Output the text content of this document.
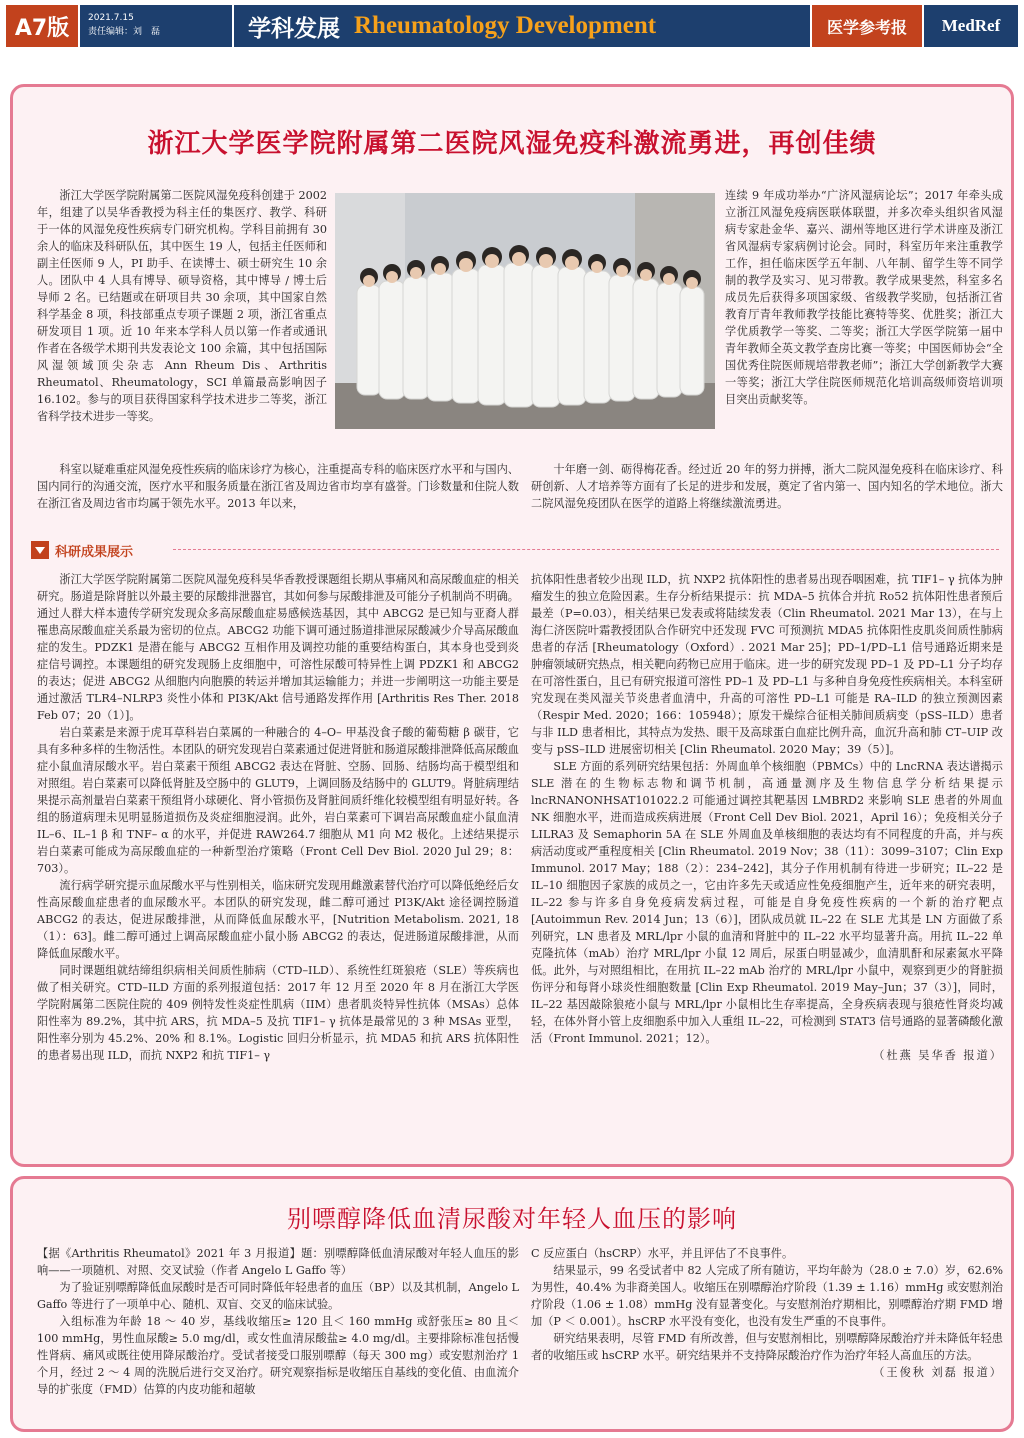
A7版	2021.7.15
责任编辑：刘　磊	学科发展 Rheumatology Development	医学参考报	MedRef
浙江大学医学院附属第二医院风湿免疫科激流勇进，再创佳绩

浙江大学医学院附属第二医院风湿免疫科创建于 2002 年，组建了以吴华香教授为科主任的集医疗、教学、科研于一体的风湿免疫性疾病专门研究机构。学科目前拥有 30 余人的临床及科研队伍，其中医生 19 人，包括主任医师和副主任医师 9 人，PI 助手、在读博士、硕士研究生 10 余人。团队中 4 人具有博导、硕导资格，其中博导 / 博士后导师 2 名。已结题或在研项目共 30 余项，其中国家自然科学基金 8 项，科技部重点专项子课题 2 项，浙江省重点研发项目 1 项。近 10 年来本学科人员以第一作者或通讯作者在各级学术期刊共发表论文 100 余篇，其中包括国际风湿领域顶尖杂志 Ann Rheum Dis、Arthritis Rheumatol、Rheumatology，SCI 单篇最高影响因子 16.102。参与的项目获得国家科学技术进步二等奖，浙江省科学技术进步一等奖。

科室以疑难重症风湿免疫性疾病的临床诊疗为核心，注重提高专科的临床医疗水平和与国内、国内同行的沟通交流，医疗水平和服务质量在浙江省及周边省市均享有盛誉。门诊数量和住院人数在浙江省及周边省市均属于领先水平。2013 年以来，

连续 9 年成功举办“广济风湿病论坛”；2017 年牵头成立浙江风湿免疫病医联体联盟，并多次牵头组织省风湿病专家赴金华、嘉兴、湖州等地区进行学术讲座及浙江省风湿病专家病例讨论会。同时，科室历年来注重教学工作，担任临床医学五年制、八年制、留学生等不同学制的教学及实习、见习带教。教学成果斐然，科室多名成员先后获得多项国家级、省级教学奖励，包括浙江省教育厅青年教师教学技能比赛特等奖、优胜奖；浙江大学优质教学一等奖、二等奖；浙江大学医学院第一届中青年教师全英文教学查房比赛一等奖；中国医师协会“全国优秀住院医师规培带教老师”；浙江大学创新教学大赛一等奖；浙江大学住院医师规范化培训高级师资培训项目突出贡献奖等。

十年磨一剑、砺得梅花香。经过近 20 年的努力拼搏，浙大二院风湿免疫科在临床诊疗、科研创新、人才培养等方面有了长足的进步和发展，奠定了省内第一、国内知名的学术地位。浙大二院风湿免疫团队在医学的道路上将继续激流勇进。

科研成果展示

浙江大学医学院附属第二医院风湿免疫科吴华香教授课题组长期从事痛风和高尿酸血症的相关研究。肠道是除肾脏以外最主要的尿酸排泄器官，其如何参与尿酸排泄及可能分子机制尚不明确。通过人群大样本遗传学研究发现众多高尿酸血症易感候选基因，其中 ABCG2 是已知与亚裔人群罹患高尿酸血症关系最为密切的位点。ABCG2 功能下调可通过肠道排泄尿尿酸减少介导高尿酸血症的发生。PDZK1 是潜在能与 ABCG2 互相作用及调控功能的重要结构蛋白，其本身也受到炎症信号调控。本课题组的研究发现肠上皮细胞中，可溶性尿酸可特异性上调 PDZK1 和 ABCG2 的表达；促进 ABCG2 从细胞内向胞膜的转运并增加其运输能力；并进一步阐明这一功能主要是通过激活 TLR4–NLRP3 炎性小体和 PI3K/Akt 信号通路发挥作用 [Arthritis Res Ther. 2018 Feb 07；20（1）]。

岩白菜素是来源于虎耳草科岩白菜属的一种融合的 4–O– 甲基没食子酸的葡萄糖 β 碳苷，它具有多种多样的生物活性。本团队的研究发现岩白菜素通过促进肾脏和肠道尿酸排泄降低高尿酸血症小鼠血清尿酸水平。岩白菜素干预组 ABCG2 表达在肾脏、空肠、回肠、结肠均高于模型组和对照组。岩白菜素可以降低肾脏及空肠中的 GLUT9，上调回肠及结肠中的 GLUT9。肾脏病理结果提示高剂量岩白菜素干预组肾小球硬化、肾小管损伤及肾脏间质纤维化较模型组有明显好转。各组的肠道病理未见明显肠道损伤及炎症细胞浸润。此外，岩白菜素可下调岩高尿酸血症小鼠血清 IL–6、IL–1 β 和 TNF– α 的水平，并促进 RAW264.7 细胞从 M1 向 M2 极化。上述结果提示岩白菜素可能成为高尿酸血症的一种新型治疗策略（Front Cell Dev Biol. 2020 Jul 29；8：703）。

流行病学研究提示血尿酸水平与性别相关，临床研究发现用雌激素替代治疗可以降低绝经后女性高尿酸血症患者的血尿酸水平。本团队的研究发现，雌二醇可通过 PI3K/Akt 途径调控肠道 ABCG2 的表达，促进尿酸排泄，从而降低血尿酸水平，[Nutrition Metabolism. 2021, 18（1）：63]。雌二醇可通过上调高尿酸血症小鼠小肠 ABCG2 的表达，促进肠道尿酸排泄，从而降低血尿酸水平。

同时课题组就结缔组织病相关间质性肺病（CTD–ILD）、系统性红斑狼疮（SLE）等疾病也做了相关研究。CTD–ILD 方面的系列报道包括：2017 年 12 月至 2020 年 8 月在浙江大学医学院附属第二医院住院的 409 例特发性炎症性肌病（IIM）患者肌炎特异性抗体（MSAs）总体阳性率为 89.2%，其中抗 ARS，抗 MDA–5 及抗 TIF1– γ 抗体是最常见的 3 种 MSAs 亚型，阳性率分别为 45.2%、20% 和 8.1%。Logistic 回归分析显示，抗 MDA5 和抗 ARS 抗体阳性的患者易出现 ILD，而抗 NXP2 和抗 TIF1– γ

抗体阳性患者较少出现 ILD，抗 NXP2 抗体阳性的患者易出现吞咽困难，抗 TIF1– γ 抗体为肿瘤发生的独立危险因素。生存分析结果提示：抗 MDA–5 抗体合并抗 Ro52 抗体阳性患者预后最差（P=0.03），相关结果已发表或将陆续发表（Clin Rheumatol. 2021 Mar 13），在与上海仁济医院叶霜教授团队合作研究中还发现 FVC 可预测抗 MDA5 抗体阳性皮肌炎间质性肺病患者的存活 [Rheumatology（Oxford）. 2021 Mar 25]；PD–1/PD–L1 信号通路近期来是肿瘤领域研究热点，相关靶向药物已应用于临床。进一步的研究发现 PD–1 及 PD–L1 分子均存在可溶性蛋白，且已有研究报道可溶性 PD–1 及 PD–L1 与多种自身免疫性疾病相关。本科室研究发现在类风湿关节炎患者血清中，升高的可溶性 PD–L1 可能是 RA–ILD 的独立预测因素（Respir Med. 2020；166：105948）；原发干燥综合征相关肺间质病变（pSS–ILD）患者与非 ILD 患者相比，其特点为发热、眼干及高球蛋白血症比例升高，血沉升高和肺 CT–UIP 改变与 pSS–ILD 进展密切相关 [Clin Rheumatol. 2020 May；39（5）]。

SLE 方面的系列研究结果包括：外周血单个核细胞（PBMCs）中的 LncRNA 表达谱揭示 SLE 潜在的生物标志物和调节机制，高通量测序及生物信息学分析结果提示 lncRNANONHSAT101022.2 可能通过调控其靶基因 LMBRD2 来影响 SLE 患者的外周血 NK 细胞水平，进而造成疾病进展（Front Cell Dev Biol. 2021，April 16）；免疫相关分子 LILRA3 及 Semaphorin 5A 在 SLE 外周血及单核细胞的表达均有不同程度的升高，并与疾病活动度或严重程度相关 [Clin Rheumatol. 2019 Nov；38（11）：3099–3107；Clin Exp Immunol. 2017 May；188（2）：234–242]，其分子作用机制有待进一步研究；IL–22 是 IL–10 细胞因子家族的成员之一，它由许多先天或适应性免疫细胞产生，近年来的研究表明，IL–22 参与许多自身免疫病发病过程，可能是自身免疫性疾病的一个新的治疗靶点 [Autoimmun Rev. 2014 Jun；13（6）]，团队成员就 IL–22 在 SLE 尤其是 LN 方面做了系列研究，LN 患者及 MRL/lpr 小鼠的血清和肾脏中的 IL–22 水平均显著升高。用抗 IL–22 单克隆抗体（mAb）治疗 MRL/lpr 小鼠 12 周后，尿蛋白明显减少，血清肌酐和尿素氮水平降低。此外，与对照组相比，在用抗 IL–22 mAb 治疗的 MRL/lpr 小鼠中，观察到更少的肾脏损伤评分和每肾小球炎性细胞数量 [Clin Exp Rheumatol. 2019 May–Jun；37（3）]，同时，IL–22 基因敲除狼疮小鼠与 MRL/lpr 小鼠相比生存率提高，全身疾病表现与狼疮性肾炎均减轻，在体外肾小管上皮细胞系中加入人重组 IL–22，可检测到 STAT3 信号通路的显著磷酸化激活（Front Immunol. 2021；12）。

（杜燕 吴华香 报道）

别嘌醇降低血清尿酸对年轻人血压的影响

【据《Arthritis Rheumatol》2021 年 3 月报道】题：别嘌醇降低血清尿酸对年轻人血压的影响——一项随机、对照、交叉试验（作者 Angelo L Gaffo 等）

为了验证别嘌醇降低血尿酸时是否可同时降低年轻患者的血压（BP）以及其机制，Angelo L Gaffo 等进行了一项单中心、随机、双盲、交叉的临床试验。

入组标准为年龄 18 ～ 40 岁，基线收缩压≥ 120 且＜ 160 mmHg 或舒张压≥ 80 且＜ 100 mmHg，男性血尿酸≥ 5.0 mg/dl，或女性血清尿酸盐≥ 4.0 mg/dl。主要排除标准包括慢性肾病、痛风或既往使用降尿酸治疗。受试者接受口服别嘌醇（每天 300 mg）或安慰剂治疗 1 个月，经过 2 ～ 4 周的洗脱后进行交叉治疗。研究观察指标是收缩压自基线的变化值、由血流介导的扩张度（FMD）估算的内皮功能和超敏

C 反应蛋白（hsCRP）水平，并且评估了不良事件。

结果显示，99 名受试者中 82 人完成了所有随访，平均年龄为（28.0 ± 7.0）岁，62.6% 为男性，40.4% 为非裔美国人。收缩压在别嘌醇治疗阶段（1.39 ± 1.16）mmHg 或安慰剂治疗阶段（1.06 ± 1.08）mmHg 没有显著变化。与安慰剂治疗期相比，别嘌醇治疗期 FMD 增加（P ＜ 0.001）。hsCRP 水平没有变化，也没有发生严重的不良事件。

研究结果表明，尽管 FMD 有所改善，但与安慰剂相比，别嘌醇降尿酸治疗并未降低年轻患者的收缩压或 hsCRP 水平。研究结果并不支持降尿酸治疗作为治疗年轻人高血压的方法。

（王俊秋 刘磊 报道）
